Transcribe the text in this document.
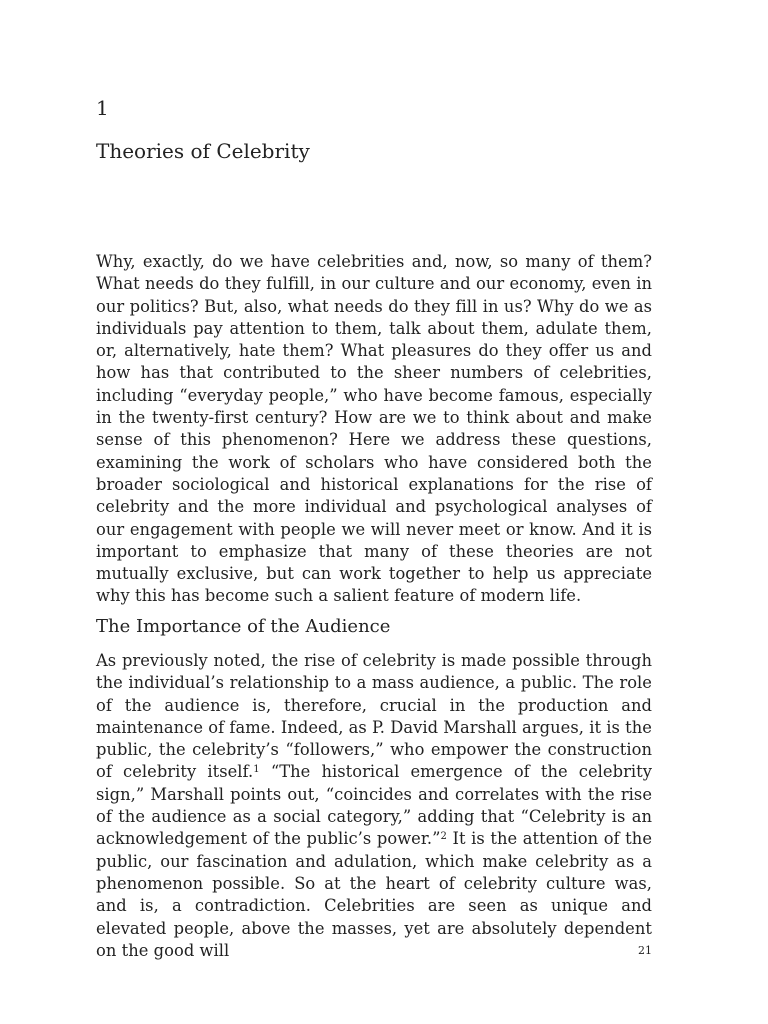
1
Theories of Celebrity

Why, exactly, do we have celebrities and, now, so many of them? What needs do they fulfill, in our culture and our economy, even in our politics? But, also, what needs do they fill in us? Why do we as individuals pay attention to them, talk about them, adulate them, or, alternatively, hate them? What pleasures do they offer us and how has that contributed to the sheer numbers of celebrities, including “everyday people,” who have become famous, especially in the twenty-first century? How are we to think about and make sense of this phenomenon? Here we address these questions, examining the work of scholars who have considered both the broader sociological and historical explanations for the rise of celebrity and the more individual and psychological analyses of our engagement with people we will never meet or know. And it is important to emphasize that many of these theories are not mutually exclusive, but can work together to help us appreciate why this has become such a salient feature of modern life.

The Importance of the Audience

As previously noted, the rise of celebrity is made possible through the individual’s relationship to a mass audience, a public. The role of the audience is, therefore, crucial in the production and maintenance of fame. Indeed, as P. David Marshall argues, it is the public, the celebrity’s “followers,” who empower the construction of celebrity itself.$^1$ “The historical emergence of the celebrity sign,” Marshall points out, “coincides and correlates with the rise of the audience as a social category,” adding that “Celebrity is an acknowledgement of the public’s power.”$^2$ It is the attention of the public, our fascination and adulation, which make celebrity as a phenomenon possible. So at the heart of celebrity culture was, and is, a contradiction. Celebrities are seen as unique and elevated people, above the masses, yet are absolutely dependent on the good will	21
